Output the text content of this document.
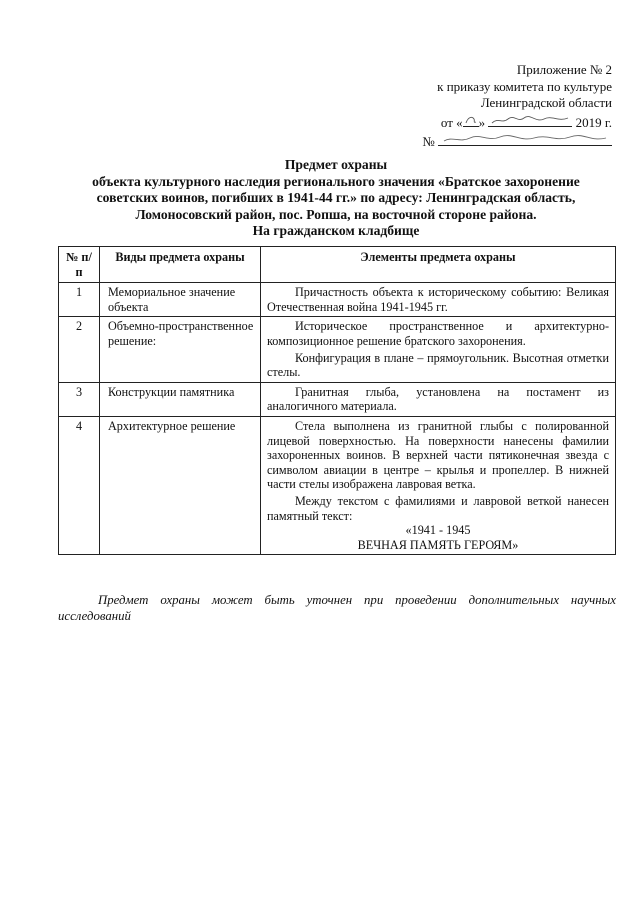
Приложение № 2
к приказу комитета по культуре
Ленинградской области
от « »	2019 г.
№
Предмет охраны
объекта культурного наследия регионального значения «Братское захоронение
советских воинов, погибших в 1941-44 гг.» по адресу: Ленинградская область,
Ломоносовский район, пос. Ропша, на восточной стороне района.
На гражданском кладбище
№ п/п	Виды предмета охраны	Элементы предмета охраны
1	Мемориальное значение объекта	Причастность объекта к историческому событию: Великая Отечественная война 1941-1945 гг.

2	Объемно-пространственное решение:	Историческое пространственное и архитектурно-композиционное решение братского захоронения.

Конфигурация в плане – прямоугольник. Высотная отметки стелы.

3	Конструкции памятника	Гранитная глыба, установлена на постамент из аналогичного материала.

4	Архитектурное решение	Стела выполнена из гранитной глыбы с полированной лицевой поверхностью. На поверхности нанесены фамилии захороненных воинов. В верхней части пятиконечная звезда с символом авиации в центре – крылья и пропеллер. В нижней части стелы изображена лавровая ветка.

Между текстом с фамилиями и лавровой веткой нанесен памятный текст:

«1941 - 1945

ВЕЧНАЯ ПАМЯТЬ ГЕРОЯМ»

Предмет охраны может быть уточнен при проведении дополнительных научных исследований
